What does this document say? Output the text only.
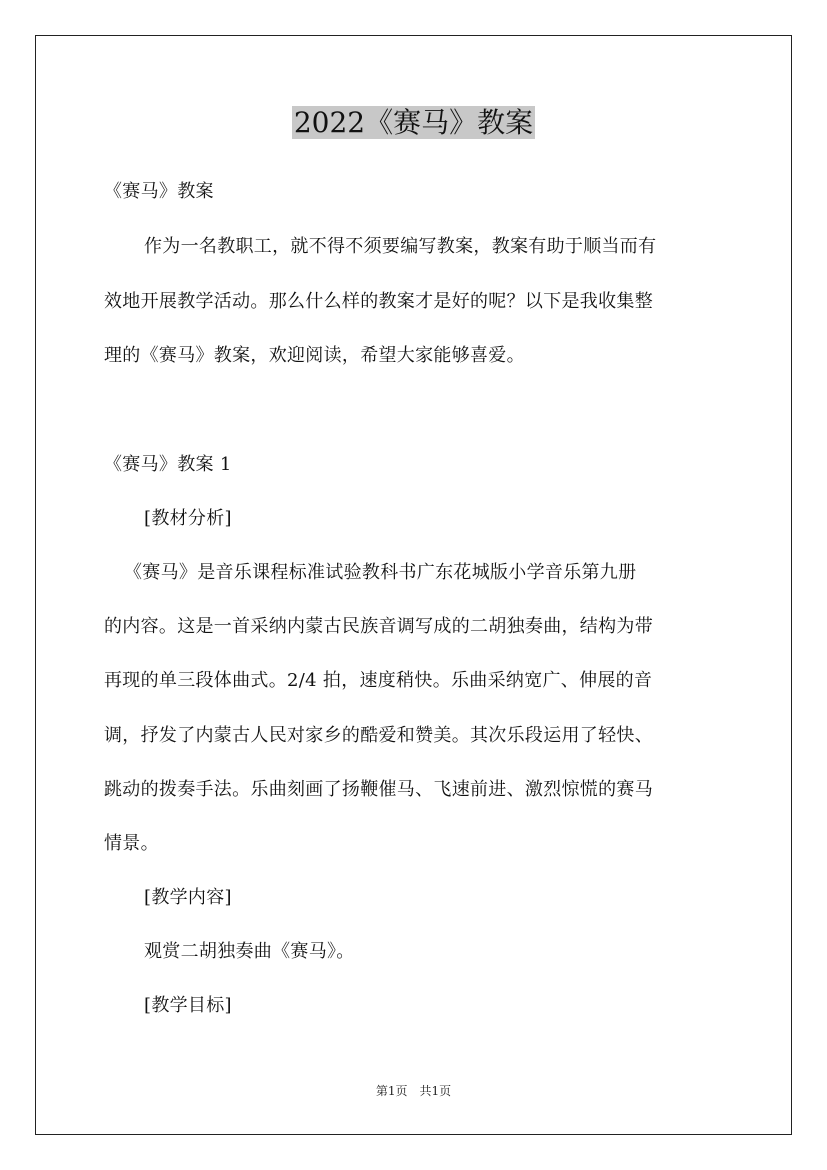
2022《赛马》教案
《赛马》教案
作为一名教职工，就不得不须要编写教案，教案有助于顺当而有
效地开展教学活动。那么什么样的教案才是好的呢？以下是我收集整
理的《赛马》教案，欢迎阅读，希望大家能够喜爱。
《赛马》教案 1
[教材分析]
《赛马》是音乐课程标准试验教科书广东花城版小学音乐第九册
的内容。这是一首采纳内蒙古民族音调写成的二胡独奏曲，结构为带
再现的单三段体曲式。2/4 拍，速度稍快。乐曲采纳宽广、伸展的音
调，抒发了内蒙古人民对家乡的酷爱和赞美。其次乐段运用了轻快、
跳动的拨奏手法。乐曲刻画了扬鞭催马、飞速前进、激烈惊慌的赛马
情景。
[教学内容]
观赏二胡独奏曲《赛马》。
[教学目标]
第1页　共1页
